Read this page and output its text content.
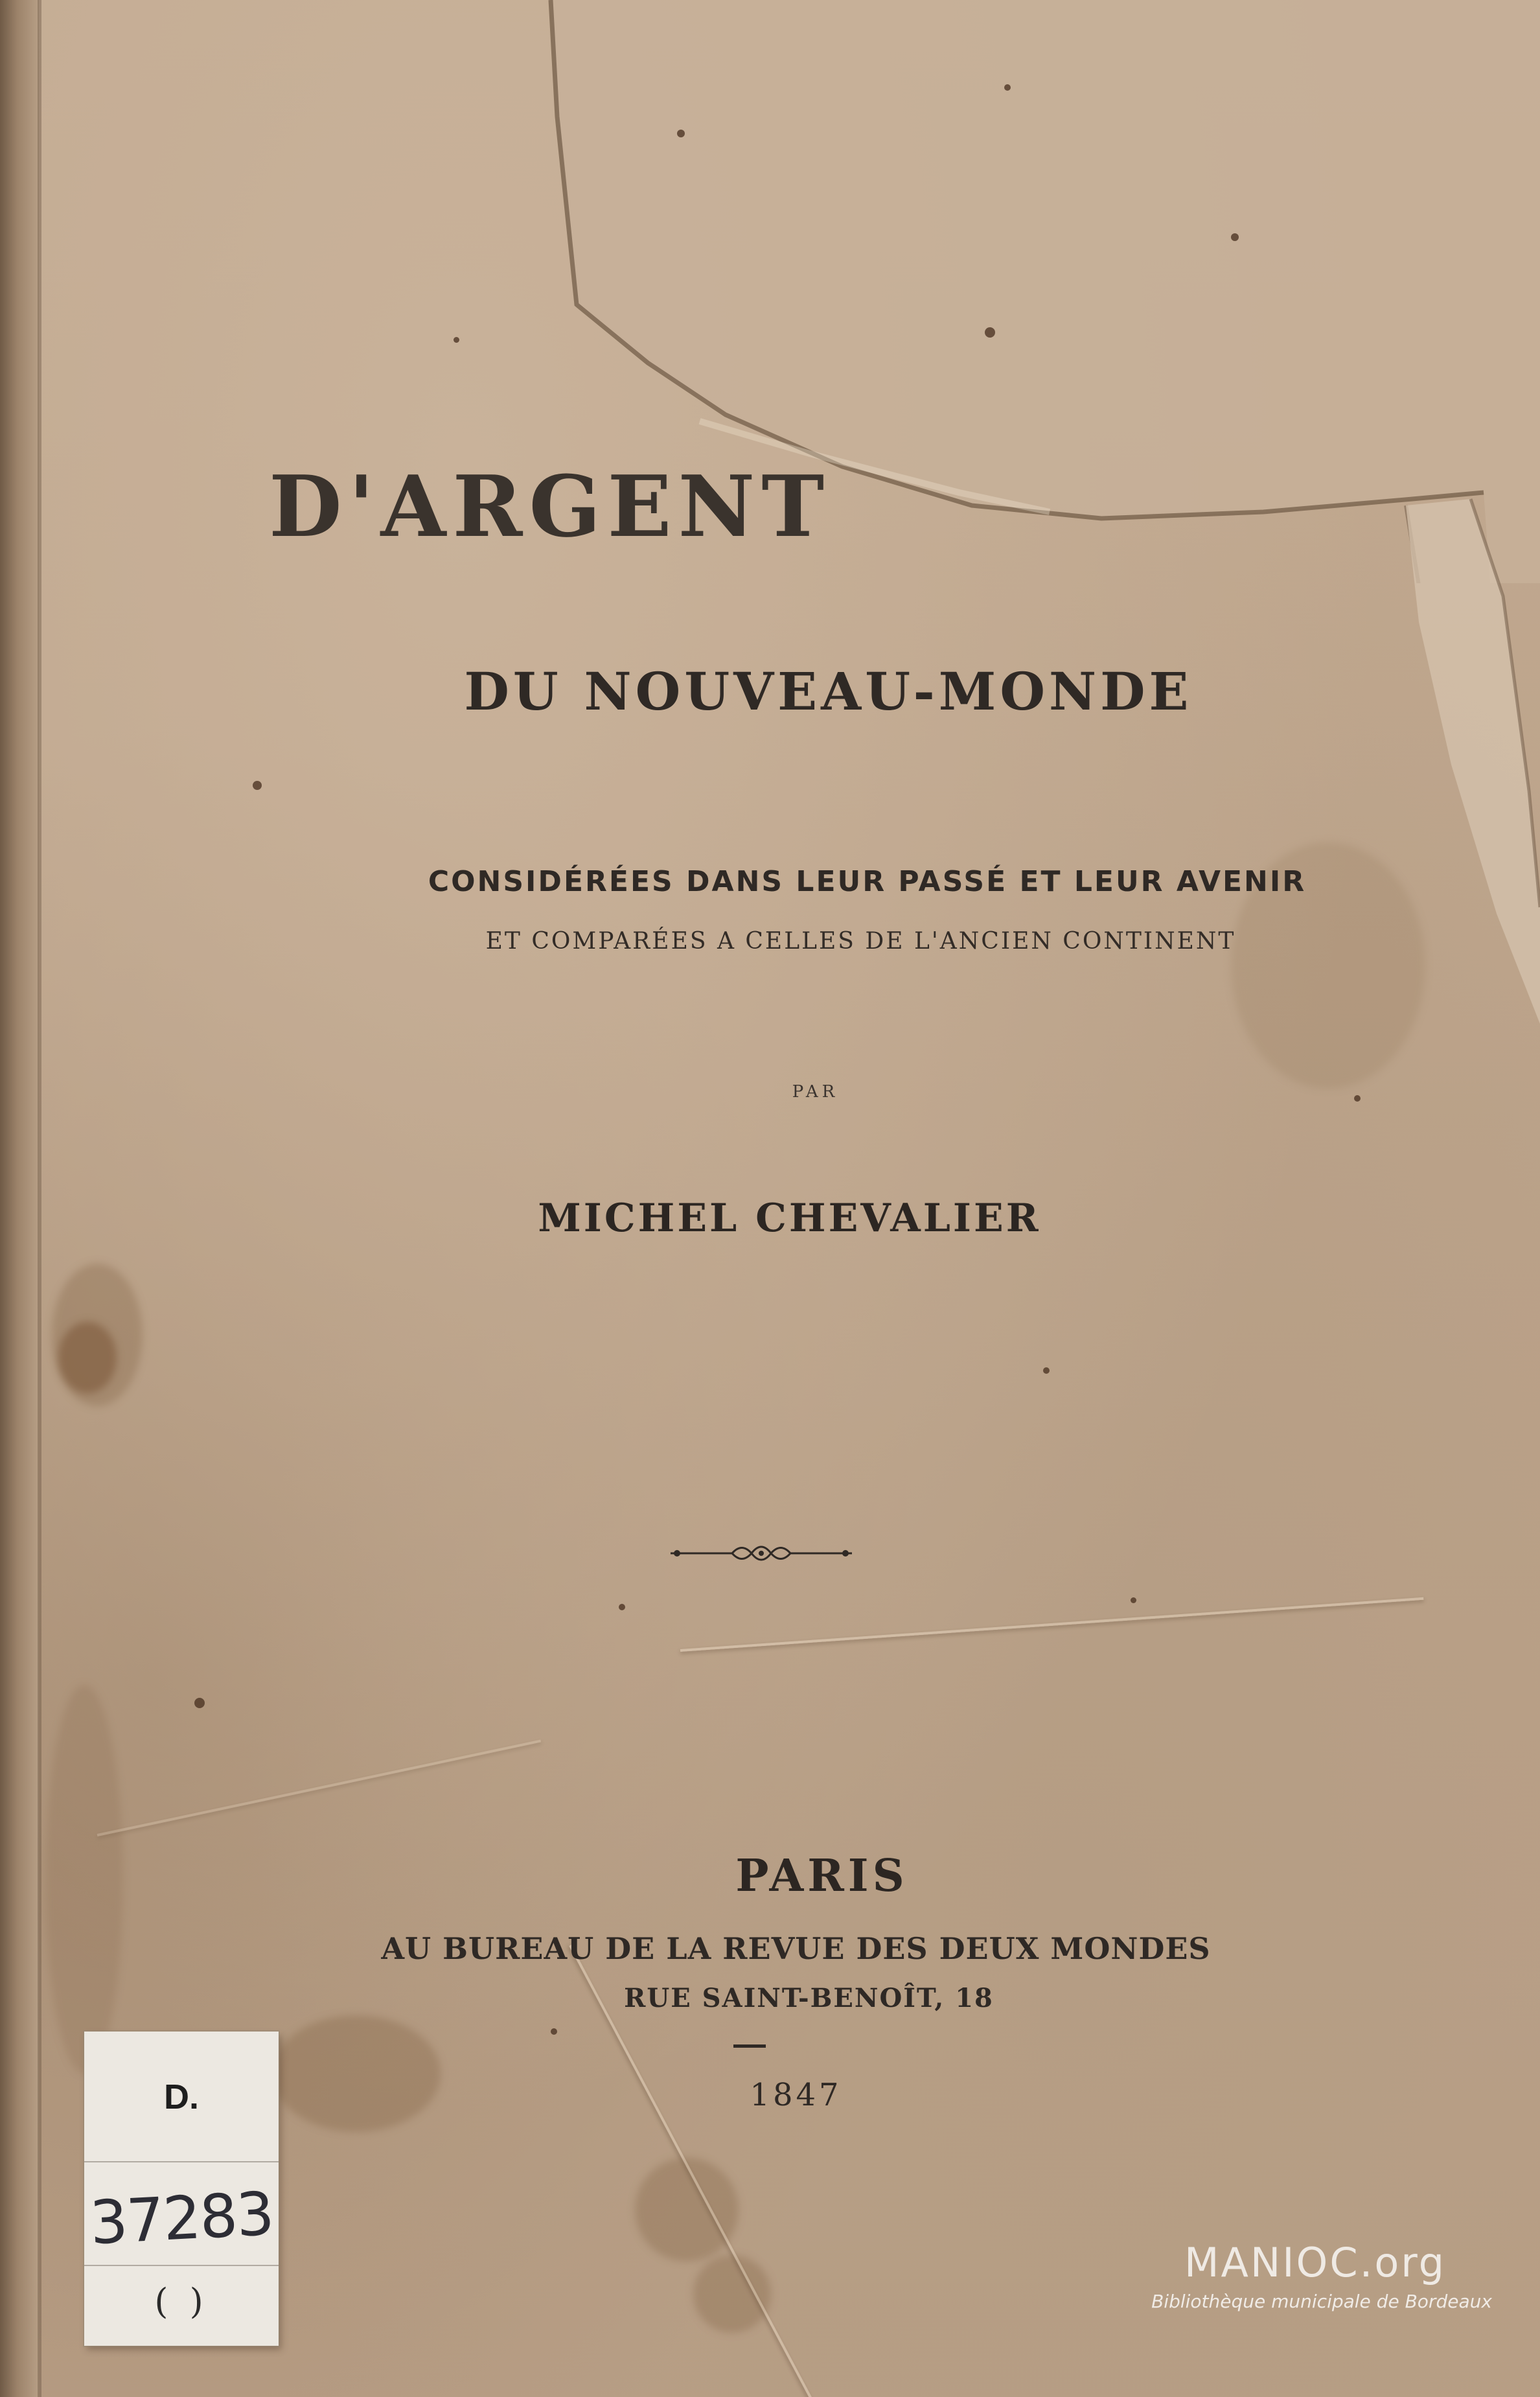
D'ARGENT
DU NOUVEAU-MONDE
CONSIDÉRÉES DANS LEUR PASSÉ ET LEUR AVENIR
ET COMPARÉES A CELLES DE L'ANCIEN CONTINENT
PAR
MICHEL CHEVALIER
PARIS
AU BUREAU DE LA REVUE DES DEUX MONDES
RUE SAINT-BENOÎT, 18
1847
D.
37283
( )
MANIOC.org
Bibliothèque municipale de Bordeaux
